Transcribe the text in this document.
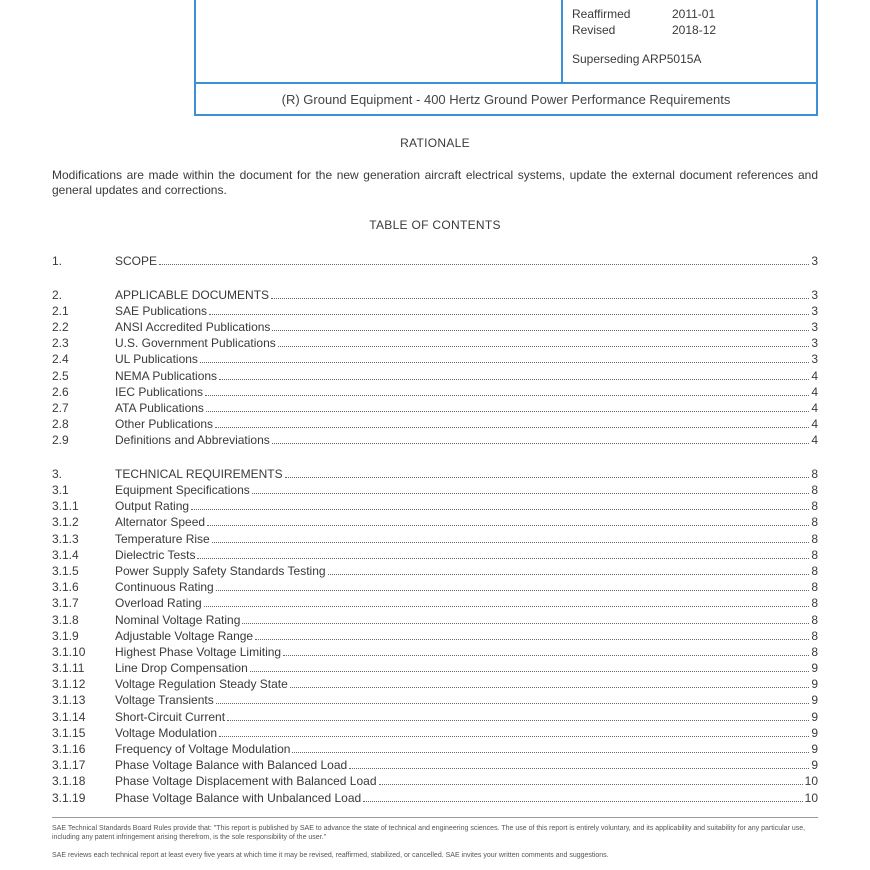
Reaffirmed	2011-01
Revised	2018-12
Superseding ARP5015A
(R) Ground Equipment - 400 Hertz Ground Power Performance Requirements
RATIONALE
Modifications are made within the document for the new generation aircraft electrical systems, update the external document references and general updates and corrections.
TABLE OF CONTENTS
1.	SCOPE	3
2.	APPLICABLE DOCUMENTS	3
2.1	SAE Publications	3
2.2	ANSI Accredited Publications	3
2.3	U.S. Government Publications	3
2.4	UL Publications	3
2.5	NEMA Publications	4
2.6	IEC Publications	4
2.7	ATA Publications	4
2.8	Other Publications	4
2.9	Definitions and Abbreviations	4
3.	TECHNICAL REQUIREMENTS	8
3.1	Equipment Specifications	8
3.1.1	Output Rating	8
3.1.2	Alternator Speed	8
3.1.3	Temperature Rise	8
3.1.4	Dielectric Tests	8
3.1.5	Power Supply Safety Standards Testing	8
3.1.6	Continuous Rating	8
3.1.7	Overload Rating	8
3.1.8	Nominal Voltage Rating	8
3.1.9	Adjustable Voltage Range	8
3.1.10	Highest Phase Voltage Limiting	8
3.1.11	Line Drop Compensation	9
3.1.12	Voltage Regulation Steady State	9
3.1.13	Voltage Transients	9
3.1.14	Short-Circuit Current	9
3.1.15	Voltage Modulation	9
3.1.16	Frequency of Voltage Modulation	9
3.1.17	Phase Voltage Balance with Balanced Load	9
3.1.18	Phase Voltage Displacement with Balanced Load	10
3.1.19	Phase Voltage Balance with Unbalanced Load	10
SAE Technical Standards Board Rules provide that: "This report is published by SAE to advance the state of technical and engineering sciences. The use of this report is entirely voluntary, and its applicability and suitability for any particular use, including any patent infringement arising therefrom, is the sole responsibility of the user."
SAE reviews each technical report at least every five years at which time it may be revised, reaffirmed, stabilized, or cancelled. SAE invites your written comments and suggestions.
